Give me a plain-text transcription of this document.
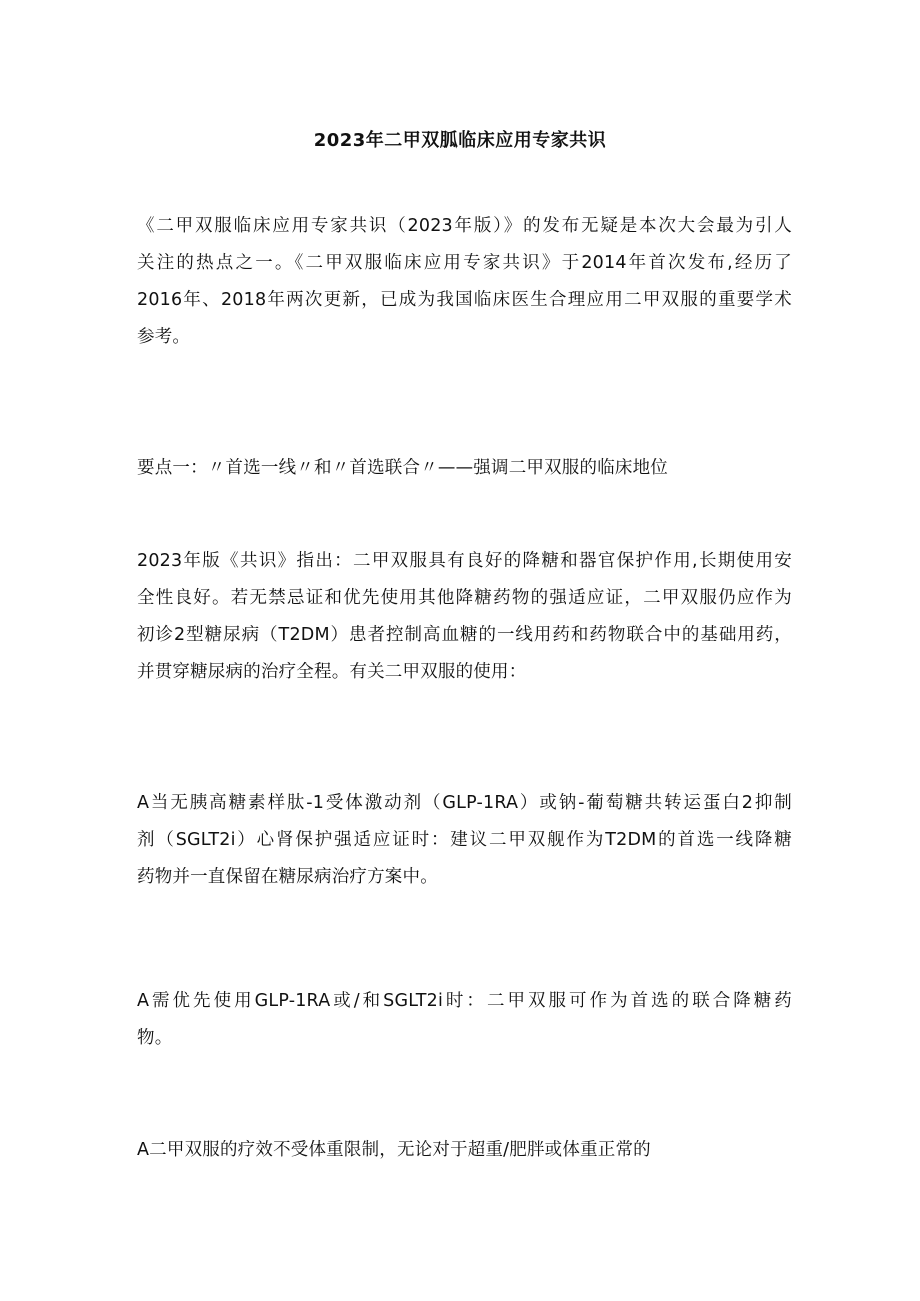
2023年二甲双胍临床应用专家共识
《二甲双服临床应用专家共识（2023年版）》的发布无疑是本次大会最为引人
关注的热点之一。《二甲双服临床应用专家共识》于2014年首次发布,经历了
2016年、2018年两次更新，已成为我国临床医生合理应用二甲双服的重要学术
参考。
要点一：〃首选一线〃和〃首选联合〃——强调二甲双服的临床地位
2023年版《共识》指出：二甲双服具有良好的降糖和器官保护作用,长期使用安
全性良好。若无禁忌证和优先使用其他降糖药物的强适应证，二甲双服仍应作为
初诊2型糖尿病（T2DM）患者控制高血糖的一线用药和药物联合中的基础用药，
并贯穿糖尿病的治疗全程。有关二甲双服的使用：
A当无胰高糖素样肽-1受体激动剂（GLP-1RA）或钠-葡萄糖共转运蛋白2抑制
剂（SGLT2i）心肾保护强适应证时：建议二甲双舰作为T2DM的首选一线降糖
药物并一直保留在糖尿病治疗方案中。
A需优先使用GLP-1RA或/和SGLT2i时：二甲双服可作为首选的联合降糖药
物。
A二甲双服的疗效不受体重限制，无论对于超重/肥胖或体重正常的
